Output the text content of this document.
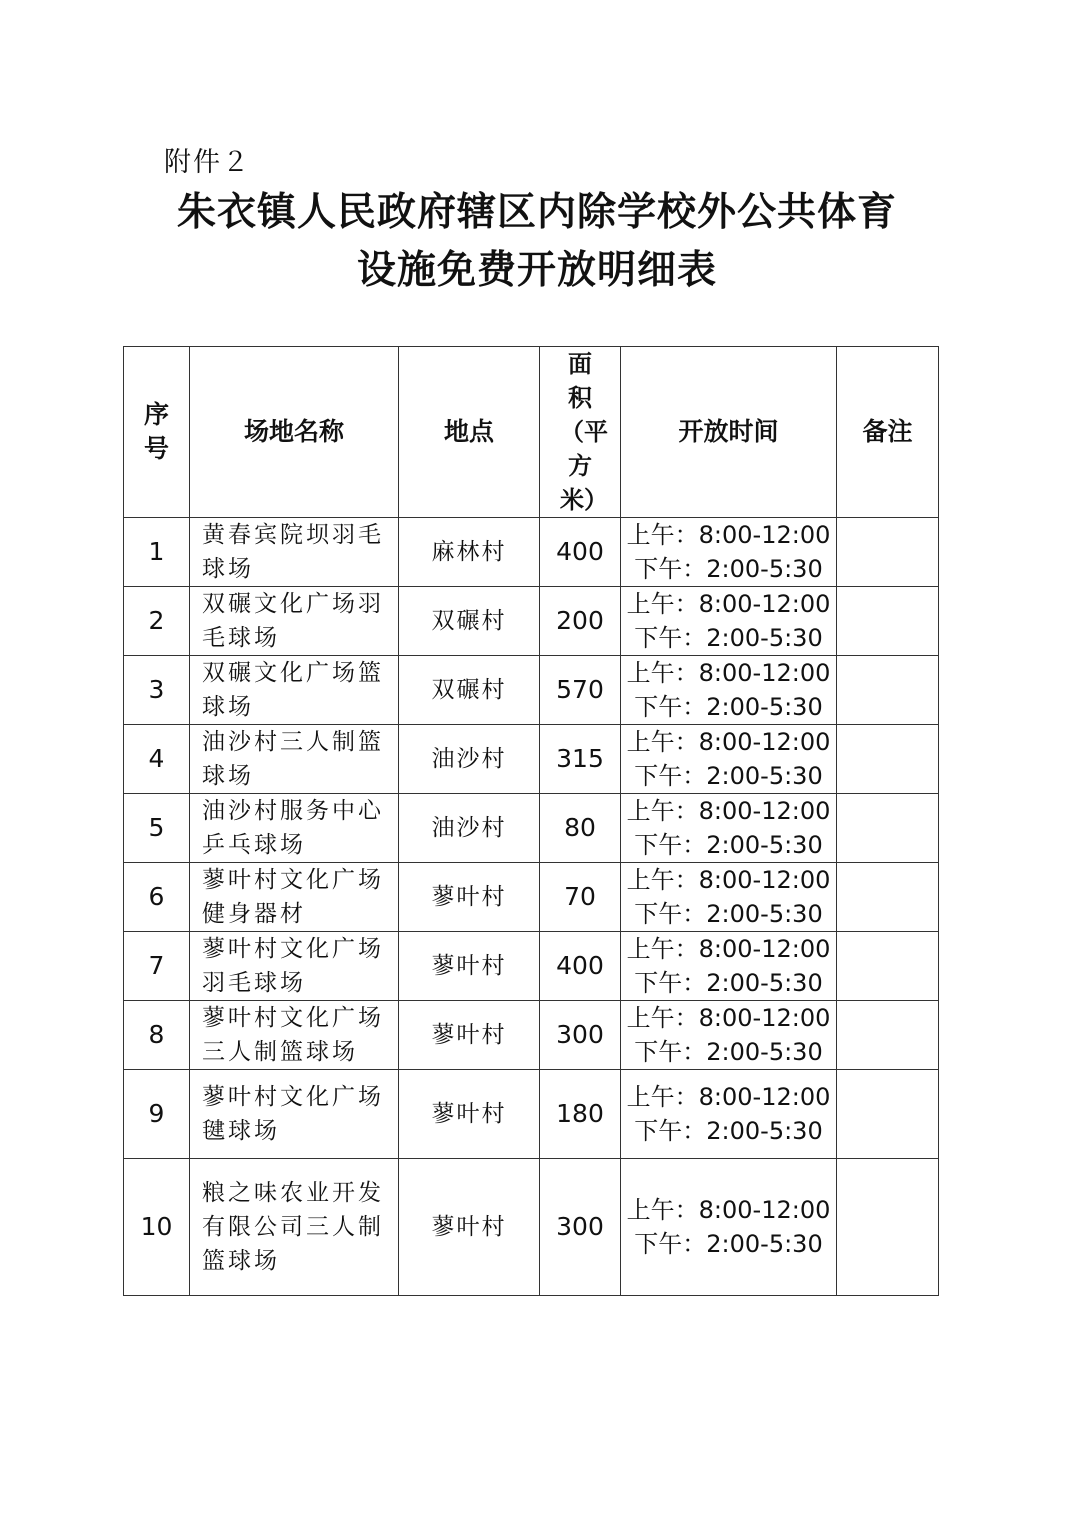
附件２
朱衣镇人民政府辖区内除学校外公共体育
设施免费开放明细表
序号	场地名称	地点	面积（平方米）	开放时间	备注
1	黄春宾院坝羽毛球场	麻林村	400	上午：8:00-12:00
下午：2:00-5:30	
2	双碾文化广场羽毛球场	双碾村	200	上午：8:00-12:00
下午：2:00-5:30	
3	双碾文化广场篮球场	双碾村	570	上午：8:00-12:00
下午：2:00-5:30	
4	油沙村三人制篮球场	油沙村	315	上午：8:00-12:00
下午：2:00-5:30	
5	油沙村服务中心乒乓球场	油沙村	80	上午：8:00-12:00
下午：2:00-5:30	
6	蓼叶村文化广场健身器材	蓼叶村	70	上午：8:00-12:00
下午：2:00-5:30	
7	蓼叶村文化广场羽毛球场	蓼叶村	400	上午：8:00-12:00
下午：2:00-5:30	
8	蓼叶村文化广场三人制篮球场	蓼叶村	300	上午：8:00-12:00
下午：2:00-5:30	
9	蓼叶村文化广场毽球场	蓼叶村	180	上午：8:00-12:00
下午：2:00-5:30	
10	粮之味农业开发有限公司三人制篮球场	蓼叶村	300	上午：8:00-12:00
下午：2:00-5:30	
